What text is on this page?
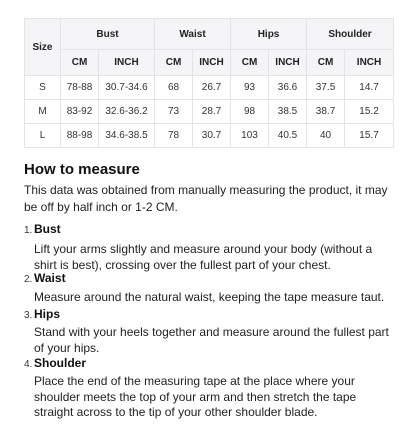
Size	Bust		Waist		Hips		Shoulder	
	CM	INCH	CM	INCH	CM	INCH	CM	INCH
S	78-88	30.7-34.6	68	26.7	93	36.6	37.5	14.7
M	83-92	32.6-36.2	73	28.7	98	38.5	38.7	15.2
L	88-98	34.6-38.5	78	30.7	103	40.5	40	15.7
How to measure

This data was obtained from manually measuring the product, it may be off by half inch or 1-2 CM.

1. Bust

Lift your arms slightly and measure around your body (without a shirt is best), crossing over the fullest part of your chest.

2. Waist

Measure around the natural waist, keeping the tape measure taut.

3. Hips

Stand with your heels together and measure around the fullest part of your hips.

4. Shoulder

Place the end of the measuring tape at the place where your shoulder meets the top of your arm and then stretch the tape straight across to the tip of your other shoulder blade.
